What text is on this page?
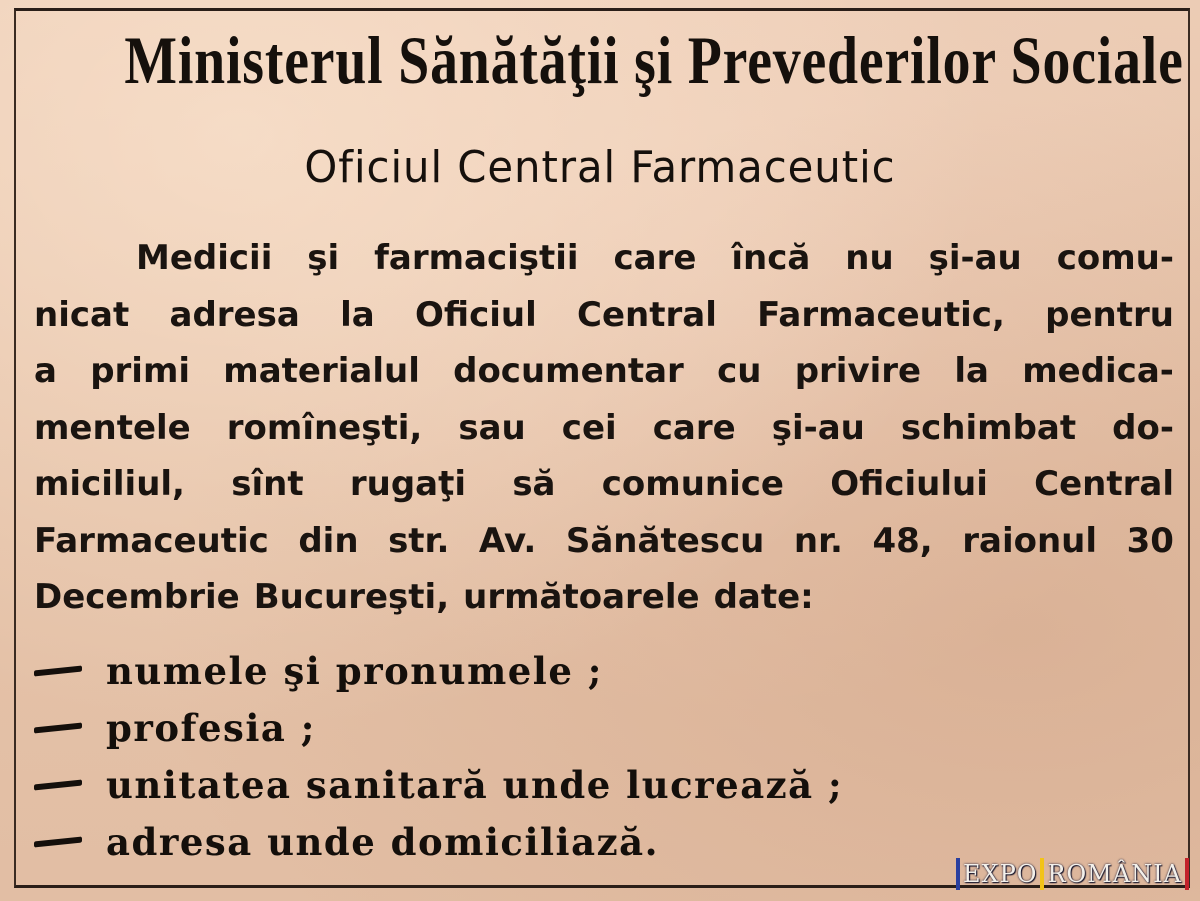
Ministerul Sănătăţii şi Prevederilor Sociale
Oficiul Central Farmaceutic
Medicii şi farmaciştii care încă nu şi-au comu-
nicat adresa la Oficiul Central Farmaceutic, pentru
a primi materialul documentar cu privire la medica-
mentele romîneşti, sau cei care şi-au schimbat do-
miciliul, sînt rugaţi să comunice Oficiului Central
Farmaceutic din str. Av. Sănătescu nr. 48, raionul 30
Decembrie Bucureşti, următoarele date:
numele şi pronumele ;
profesia ;
unitatea sanitară unde lucrează ;
adresa unde domiciliază.
EXPO ROMÂNIA
